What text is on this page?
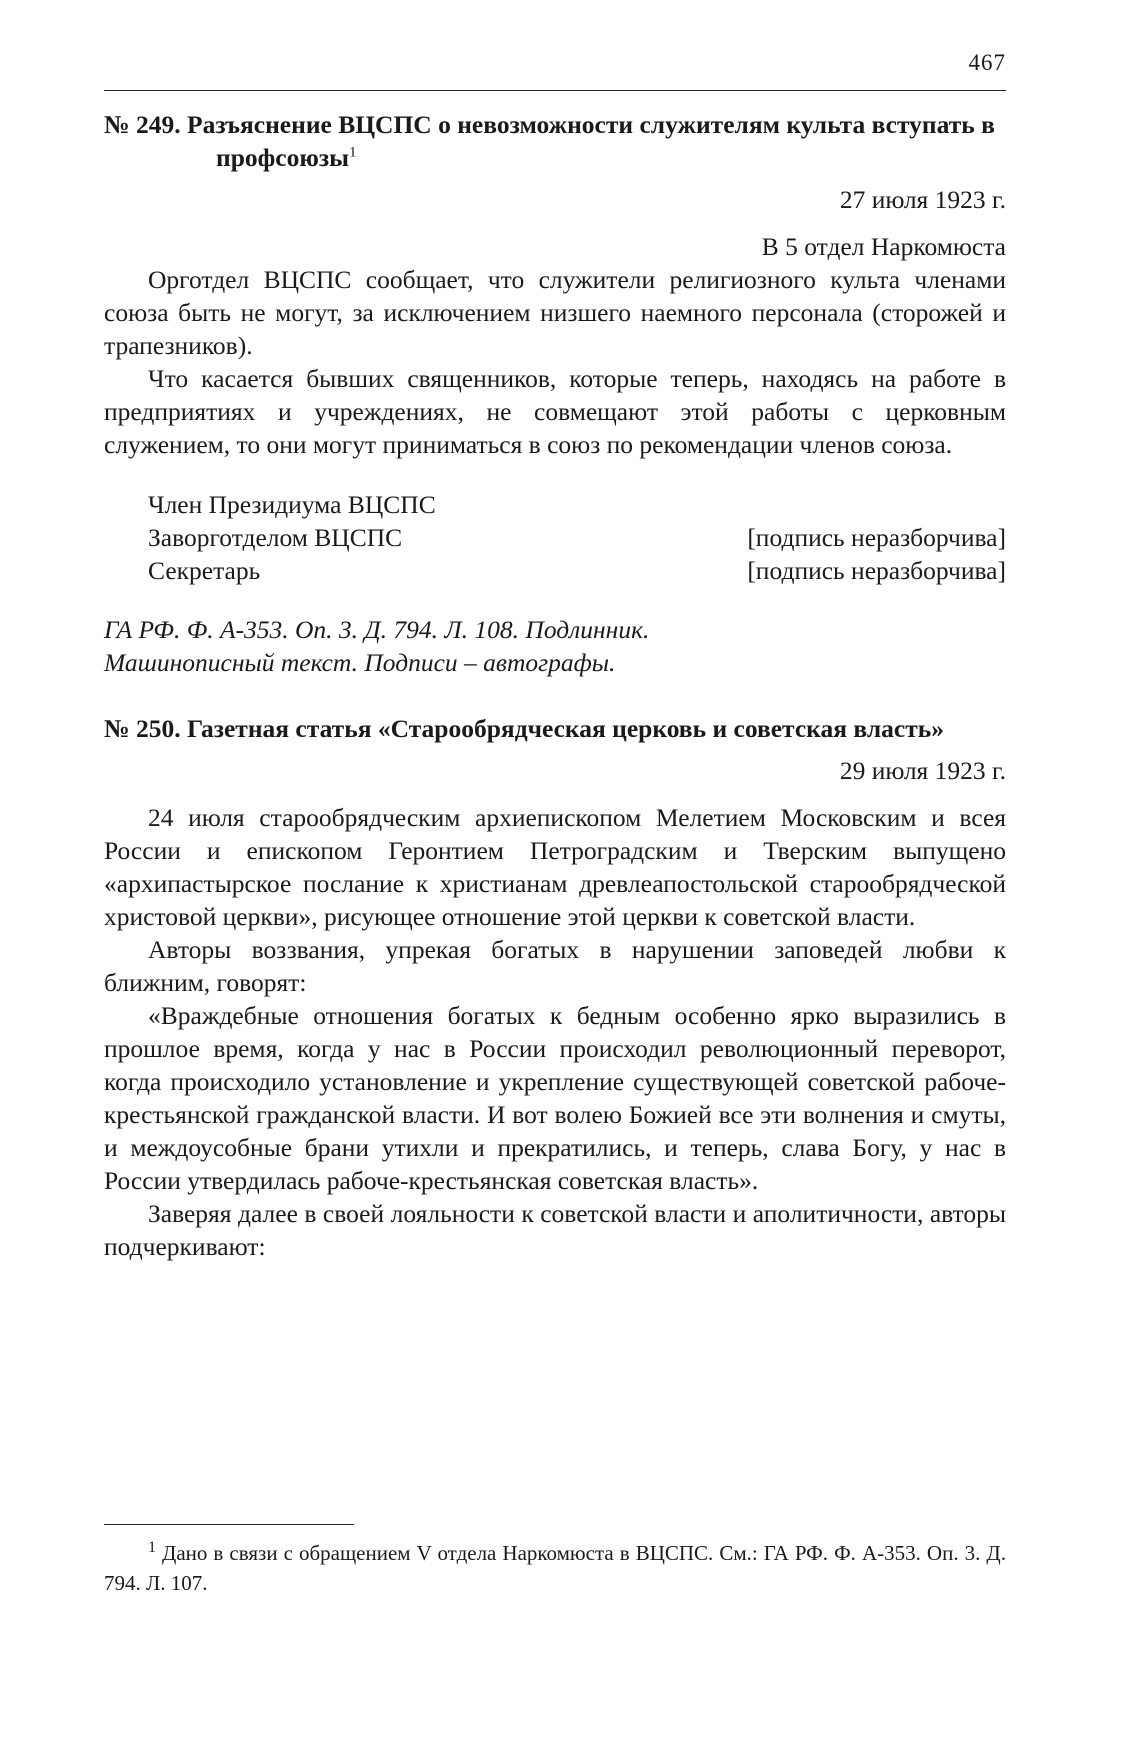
467

№ 249. Разъяснение ВЦСПС о невозможности служителям культа вступать в профсоюзы$^1$

27 июля 1923 г.

В 5 отдел Наркомюста

Орготдел ВЦСПС сообщает, что служители религиозного культа членами союза быть не могут, за исключением низшего наемного персонала (сторожей и трапезников).

Что касается бывших священников, которые теперь, находясь на работе в предприятиях и учреждениях, не совмещают этой работы с церковным служением, то они могут приниматься в союз по рекомендации членов союза.

Член Президиума ВЦСПС
Заворготделом ВЦСПС	[подпись неразборчива]
Секретарь	[подпись неразборчива]

ГА РФ. Ф. А-353. Оп. 3. Д. 794. Л. 108. Подлинник.

Машинописный текст. Подписи – автографы.

№ 250. Газетная статья «Старообрядческая церковь и советская власть»

29 июля 1923 г.

24 июля старообрядческим архиепископом Мелетием Московским и всея России и епископом Геронтием Петроградским и Тверским выпущено «архипастырское послание к христианам древлеапостольской старообрядческой христовой церкви», рисующее отношение этой церкви к советской власти.

Авторы воззвания, упрекая богатых в нарушении заповедей любви к ближним, говорят:

«Враждебные отношения богатых к бедным особенно ярко выразились в прошлое время, когда у нас в России происходил революционный переворот, когда происходило установление и укрепление существующей советской рабоче-крестьянской гражданской власти. И вот волею Божией все эти волнения и смуты, и междоусобные брани утихли и прекратились, и теперь, слава Богу, у нас в России утвердилась рабоче-крестьянская советская власть».

Заверяя далее в своей лояльности к советской власти и аполитичности, авторы подчеркивают:

$^1$ Дано в связи с обращением V отдела Наркомюста в ВЦСПС. См.: ГА РФ. Ф. А-353. Оп. 3. Д. 794. Л. 107.
